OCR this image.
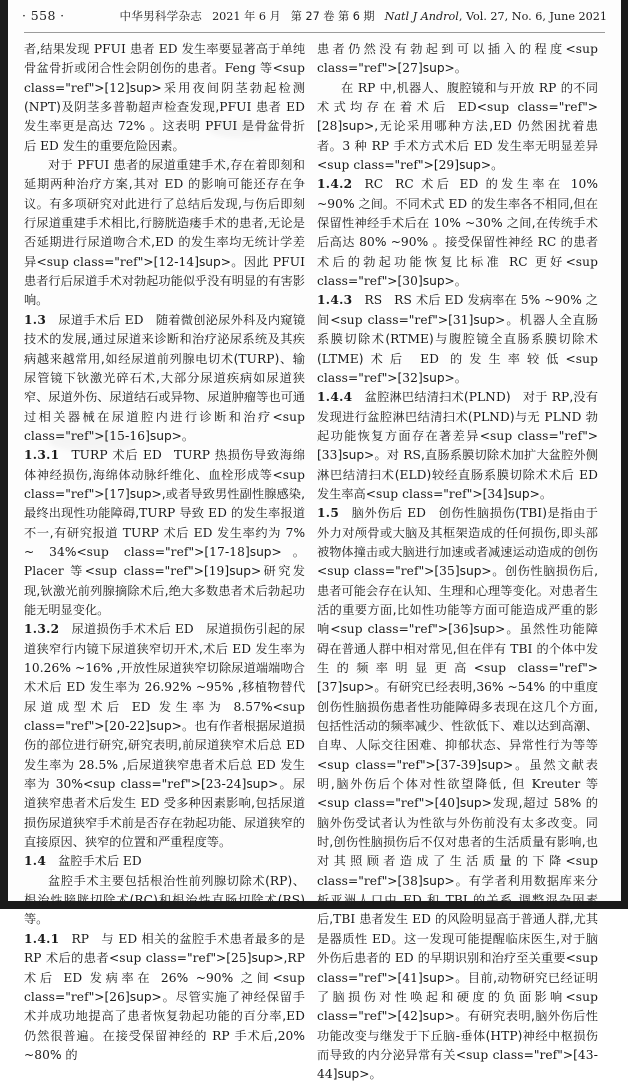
· 558 ·	中华男科学杂志 2021 年 6 月 第 27 卷 第 6 期 Natl J Androl , Vol. 27, No. 6, June 2021

者,结果发现 PFUI 患者 ED 发生率要显著高于单纯骨盆骨折或闭合性会阴创伤的患者。Feng 等<sup class="ref">[12]sup>采用夜间阴茎勃起检测(NPT)及阴茎多普勒超声检查发现,PFUI 患者 ED 发生率更是高达 72% 。这表明 PFUI 是骨盆骨折后 ED 发生的重要危险因素。

对于 PFUI 患者的尿道重建手术,存在着即刻和延期两种治疗方案,其对 ED 的影响可能还存在争议。有多项研究对此进行了总结后发现,与伤后即刻行尿道重建手术相比,行膀胱造瘘手术的患者,无论是否延期进行尿道吻合术,ED 的发生率均无统计学差异<sup class="ref">[12-14]sup>。因此 PFUI 患者行后尿道手术对勃起功能似乎没有明显的有害影响。

1.3 尿道手术后 ED 随着微创泌尿外科及内窥镜技术的发展,通过尿道来诊断和治疗泌尿系统及其疾病越来越常用,如经尿道前列腺电切术(TURP)、输尿管镜下钬激光碎石术,大部分尿道疾病如尿道狭窄、尿道外伤、尿道结石或异物、尿道肿瘤等也可通过相关器械在尿道腔内进行诊断和治疗<sup class="ref">[15-16]sup>。

1.3.1 TURP 术后 ED TURP 热损伤导致海绵体神经损伤,海绵体动脉纤维化、血栓形成等<sup class="ref">[17]sup>,或者导致男性副性腺感染,最终出现性功能障碍,TURP 导致 ED 的发生率报道不一,有研究报道 TURP 术后 ED 发生率约为 7% ~ 34%<sup class="ref">[17-18]sup>。Placer 等<sup class="ref">[19]sup>研究发现,钬激光前列腺摘除术后,绝大多数患者术后勃起功能无明显变化。

1.3.2 尿道损伤手术术后 ED 尿道损伤引起的尿道狭窄行内镜下尿道狭窄切开术,术后 ED 发生率为 10.26% ~16% ,开放性尿道狭窄切除尿道端端吻合术术后 ED 发生率为 26.92% ~95% ,移植物替代尿道成型术后 ED 发生率为 8.57%<sup class="ref">[20-22]sup>。也有作者根据尿道损伤的部位进行研究,研究表明,前尿道狭窄术后总 ED 发生率为 28.5% ,后尿道狭窄患者术后总 ED 发生率为 30%<sup class="ref">[23-24]sup>。尿道狭窄患者术后发生 ED 受多种因素影响,包括尿道损伤尿道狭窄手术前是否存在勃起功能、尿道狭窄的直接原因、狭窄的位置和严重程度等。

1.4 盆腔手术后 ED

盆腔手术主要包括根治性前列腺切除术(RP)、根治性膀胱切除术(RC)和根治性直肠切除术(RS)等。

1.4.1 RP 与 ED 相关的盆腔手术患者最多的是 RP 术后的患者<sup class="ref">[25]sup>,RP 术后 ED 发病率在 26% ~90% 之间<sup class="ref">[26]sup>。尽管实施了神经保留手术并成功地提高了患者恢复勃起功能的百分率,ED 仍然很普遍。在接受保留神经的 RP 手术后,20% ~80% 的

患者仍然没有勃起到可以插入的程度<sup class="ref">[27]sup>。

在 RP 中,机器人、腹腔镜和与开放 RP 的不同术式均存在着术后 ED<sup class="ref">[28]sup>,无论采用哪种方法,ED 仍然困扰着患者。3 种 RP 手术方式术后 ED 发生率无明显差异<sup class="ref">[29]sup>。

1.4.2 RC RC 术后 ED 的发生率在 10% ~90% 之间。不同术式 ED 的发生率各不相同,但在保留性神经手术后在 10% ~30% 之间,在传统手术后高达 80% ~90% 。接受保留性神经 RC 的患者术后的勃起功能恢复比标准 RC 更好<sup class="ref">[30]sup>。

1.4.3 RS RS 术后 ED 发病率在 5% ~90% 之间<sup class="ref">[31]sup>。机器人全直肠系膜切除术(RTME)与腹腔镜全直肠系膜切除术(LTME)术后 ED 的发生率较低<sup class="ref">[32]sup>。

1.4.4 盆腔淋巴结清扫术(PLND) 对于 RP,没有发现进行盆腔淋巴结清扫术(PLND)与无 PLND 勃起功能恢复方面存在著差异<sup class="ref">[33]sup>。对 RS,直肠系膜切除术加扩大盆腔外侧淋巴结清扫术(ELD)较经直肠系膜切除术术后 ED 发生率高<sup class="ref">[34]sup>。

1.5 脑外伤后 ED 创伤性脑损伤(TBI)是指由于外力对颅骨或大脑及其框架造成的任何损伤,即头部被物体撞击或大脑进行加速或者减速运动造成的创伤<sup class="ref">[35]sup>。创伤性脑损伤后,患者可能会存在认知、生理和心理等变化。对患者生活的重要方面,比如性功能等方面可能造成严重的影响<sup class="ref">[36]sup>。虽然性功能障碍在普通人群中相对常见,但在伴有 TBI 的个体中发生的频率明显更高<sup class="ref">[37]sup>。有研究已经表明,36% ~54% 的中重度创伤性脑损伤患者性功能障碍多表现在这几个方面,包括性活动的频率减少、性欲低下、难以达到高潮、自卑、人际交往困难、抑郁状态、异常性行为等等<sup class="ref">[37-39]sup>。虽然文献表明,脑外伤后个体对性欲望降低, 但 Kreuter 等<sup class="ref">[40]sup>发现,超过 58% 的脑外伤受试者认为性欲与外伤前没有太多改变。同时,创伤性脑损伤后不仅对患者的生活质量有影响,也对其照顾者造成了生活质量的下降<sup class="ref">[38]sup>。有学者利用数据库来分析亚洲人口中 ED 和 TBI 的关系,调整混杂因素后,TBI 患者发生 ED 的风险明显高于普通人群,尤其是器质性 ED。这一发现可能提醒临床医生,对于脑外伤后患者的 ED 的早期识别和治疗至关重要<sup class="ref">[41]sup>。目前,动物研究已经证明了脑损伤对性唤起和硬度的负面影响<sup class="ref">[42]sup>。有研究表明,脑外伤后性功能改变与继发于下丘脑-垂体(HTP)神经中枢损伤而导致的内分泌异常有关<sup class="ref">[43-44]sup>。
